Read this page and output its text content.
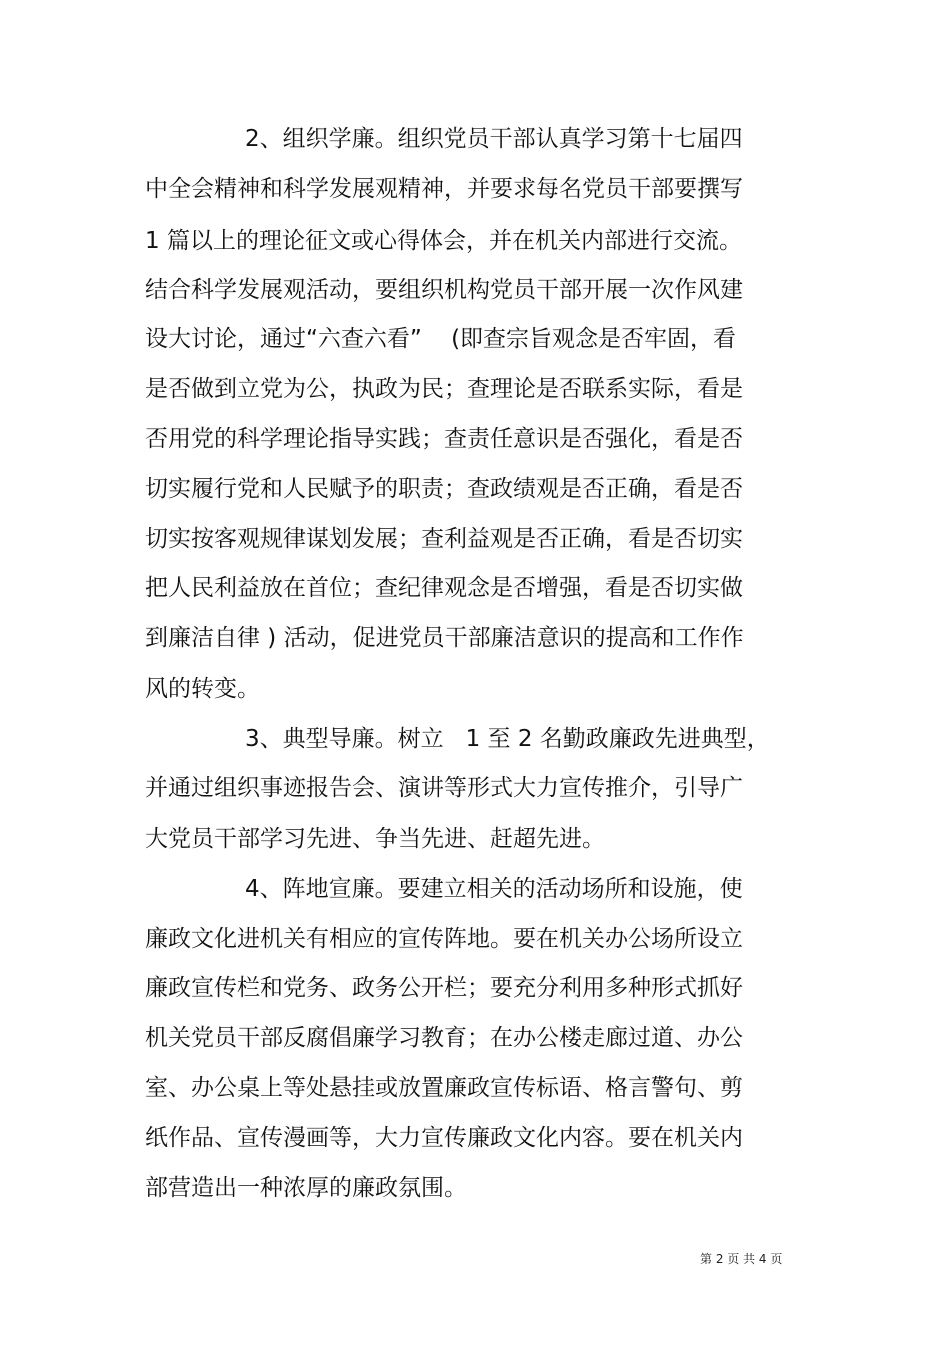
2、组织学廉。组织党员干部认真学习第十七届四
中全会精神和科学发展观精神，并要求每名党员干部要撰写
1 篇以上的理论征文或心得体会，并在机关内部进行交流。
结合科学发展观活动，要组织机构党员干部开展一次作风建
设大讨论，通过“六查六看”    (即查宗旨观念是否牢固，看
是否做到立党为公，执政为民；查理论是否联系实际，看是
否用党的科学理论指导实践；查责任意识是否强化，看是否
切实履行党和人民赋予的职责；查政绩观是否正确，看是否
切实按客观规律谋划发展；查利益观是否正确，看是否切实
把人民利益放在首位；查纪律观念是否增强，看是否切实做
到廉洁自律 ) 活动，促进党员干部廉洁意识的提高和工作作
风的转变。
3、典型导廉。树立   1 至 2 名勤政廉政先进典型，
并通过组织事迹报告会、演讲等形式大力宣传推介，引导广
大党员干部学习先进、争当先进、赶超先进。
4、阵地宣廉。要建立相关的活动场所和设施，使
廉政文化进机关有相应的宣传阵地。要在机关办公场所设立
廉政宣传栏和党务、政务公开栏；要充分利用多种形式抓好
机关党员干部反腐倡廉学习教育；在办公楼走廊过道、办公
室、办公桌上等处悬挂或放置廉政宣传标语、格言警句、剪
纸作品、宣传漫画等，大力宣传廉政文化内容。要在机关内
部营造出一种浓厚的廉政氛围。
第 2 页 共 4 页
